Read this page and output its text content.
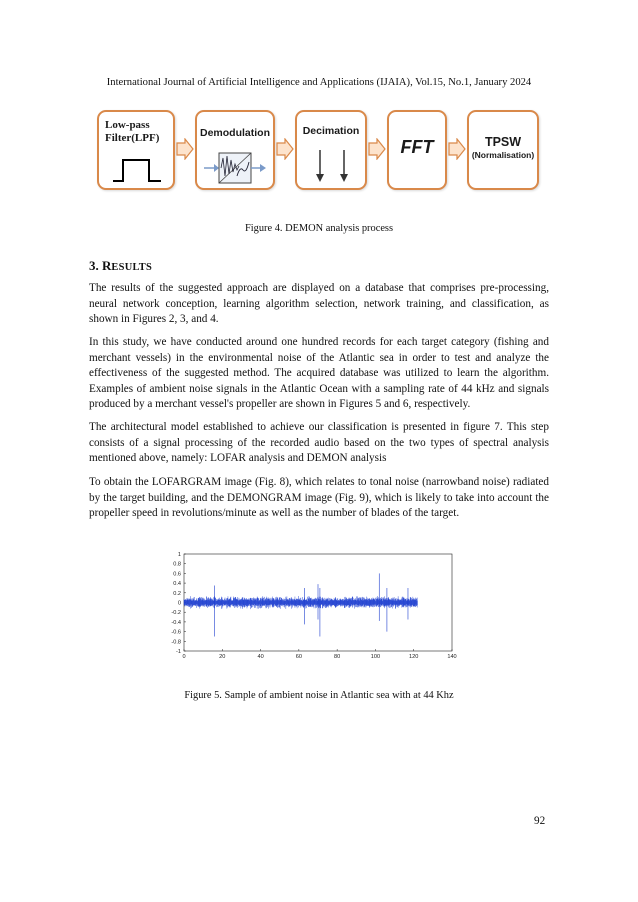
International Journal of Artificial Intelligence and Applications (IJAIA), Vol.15, No.1, January 2024
Low-pass
Filter(LPF)	Demodulation	Decimation
FFT	TPSW
(Normalisation)
Figure 4. DEMON analysis process
3. RESULTS

The results of the suggested approach are displayed on a database that comprises pre-processing, neural network conception, learning algorithm selection, network training, and classification, as shown in Figures 2, 3, and 4.

In this study, we have conducted around one hundred records for each target category (fishing and merchant vessels) in the environmental noise of the Atlantic sea in order to test and analyze the effectiveness of the suggested method. The acquired database was utilized to learn the algorithm. Examples of ambient noise signals in the Atlantic Ocean with a sampling rate of 44 kHz and signals produced by a merchant vessel's propeller are shown in Figures 5 and 6, respectively.

The architectural model established to achieve our classification is presented in figure 7. This step consists of a signal processing of the recorded audio based on the two types of spectral analysis mentioned above, namely: LOFAR analysis and DEMON analysis

To obtain the LOFARGRAM image (Fig. 8), which relates to tonal noise (narrowband noise) radiated by the target building, and the DEMONGRAM image (Fig. 9), which is likely to take into account the propeller speed in revolutions/minute as well as the number of blades of the target.

0	20	40	60	80	100	120	140
1
0.8
0.6
0.4
0.2
0
-0.2
-0.4
-0.6
-0.8
-1
Figure 5. Sample of ambient noise in Atlantic sea with at 44 Khz
92
